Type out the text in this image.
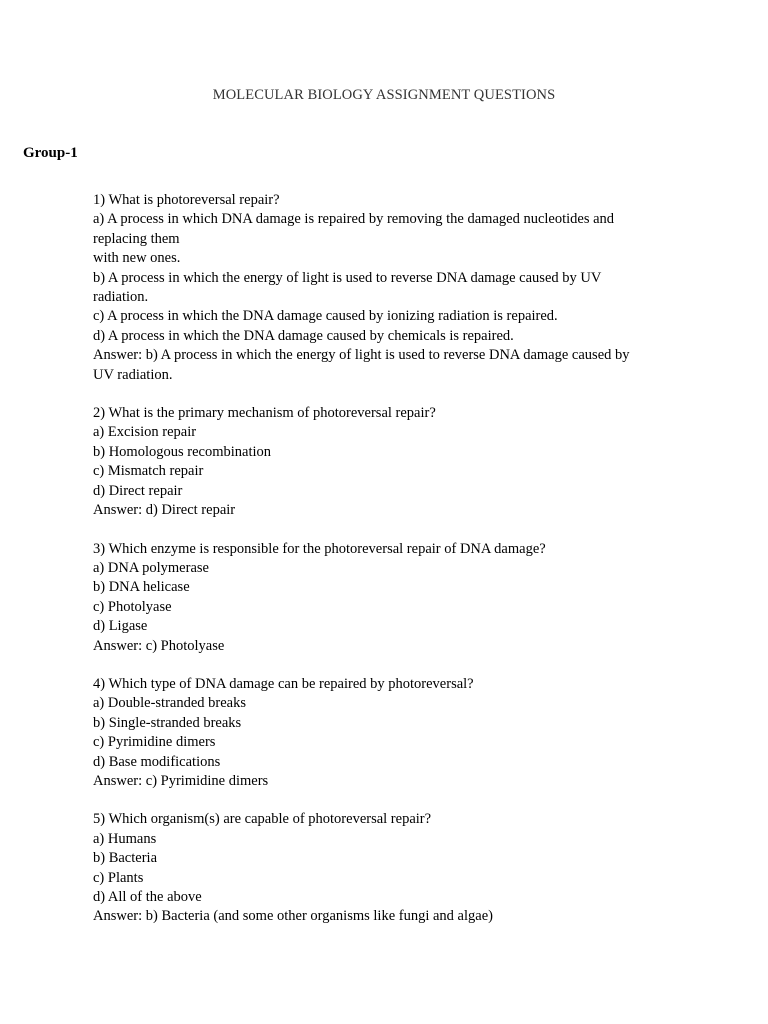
MOLECULAR BIOLOGY ASSIGNMENT QUESTIONS
Group-1
1) What is photoreversal repair?
a) A process in which DNA damage is repaired by removing the damaged nucleotides and
replacing them
with new ones.
b) A process in which the energy of light is used to reverse DNA damage caused by UV
radiation.
c) A process in which the DNA damage caused by ionizing radiation is repaired.
d) A process in which the DNA damage caused by chemicals is repaired.
Answer: b) A process in which the energy of light is used to reverse DNA damage caused by
UV radiation.
2) What is the primary mechanism of photoreversal repair?
a) Excision repair
b) Homologous recombination
c) Mismatch repair
d) Direct repair
Answer: d) Direct repair
3) Which enzyme is responsible for the photoreversal repair of DNA damage?
a) DNA polymerase
b) DNA helicase
c) Photolyase
d) Ligase
Answer: c) Photolyase
4) Which type of DNA damage can be repaired by photoreversal?
a) Double-stranded breaks
b) Single-stranded breaks
c) Pyrimidine dimers
d) Base modifications
Answer: c) Pyrimidine dimers
5) Which organism(s) are capable of photoreversal repair?
a) Humans
b) Bacteria
c) Plants
d) All of the above
Answer: b) Bacteria (and some other organisms like fungi and algae)
